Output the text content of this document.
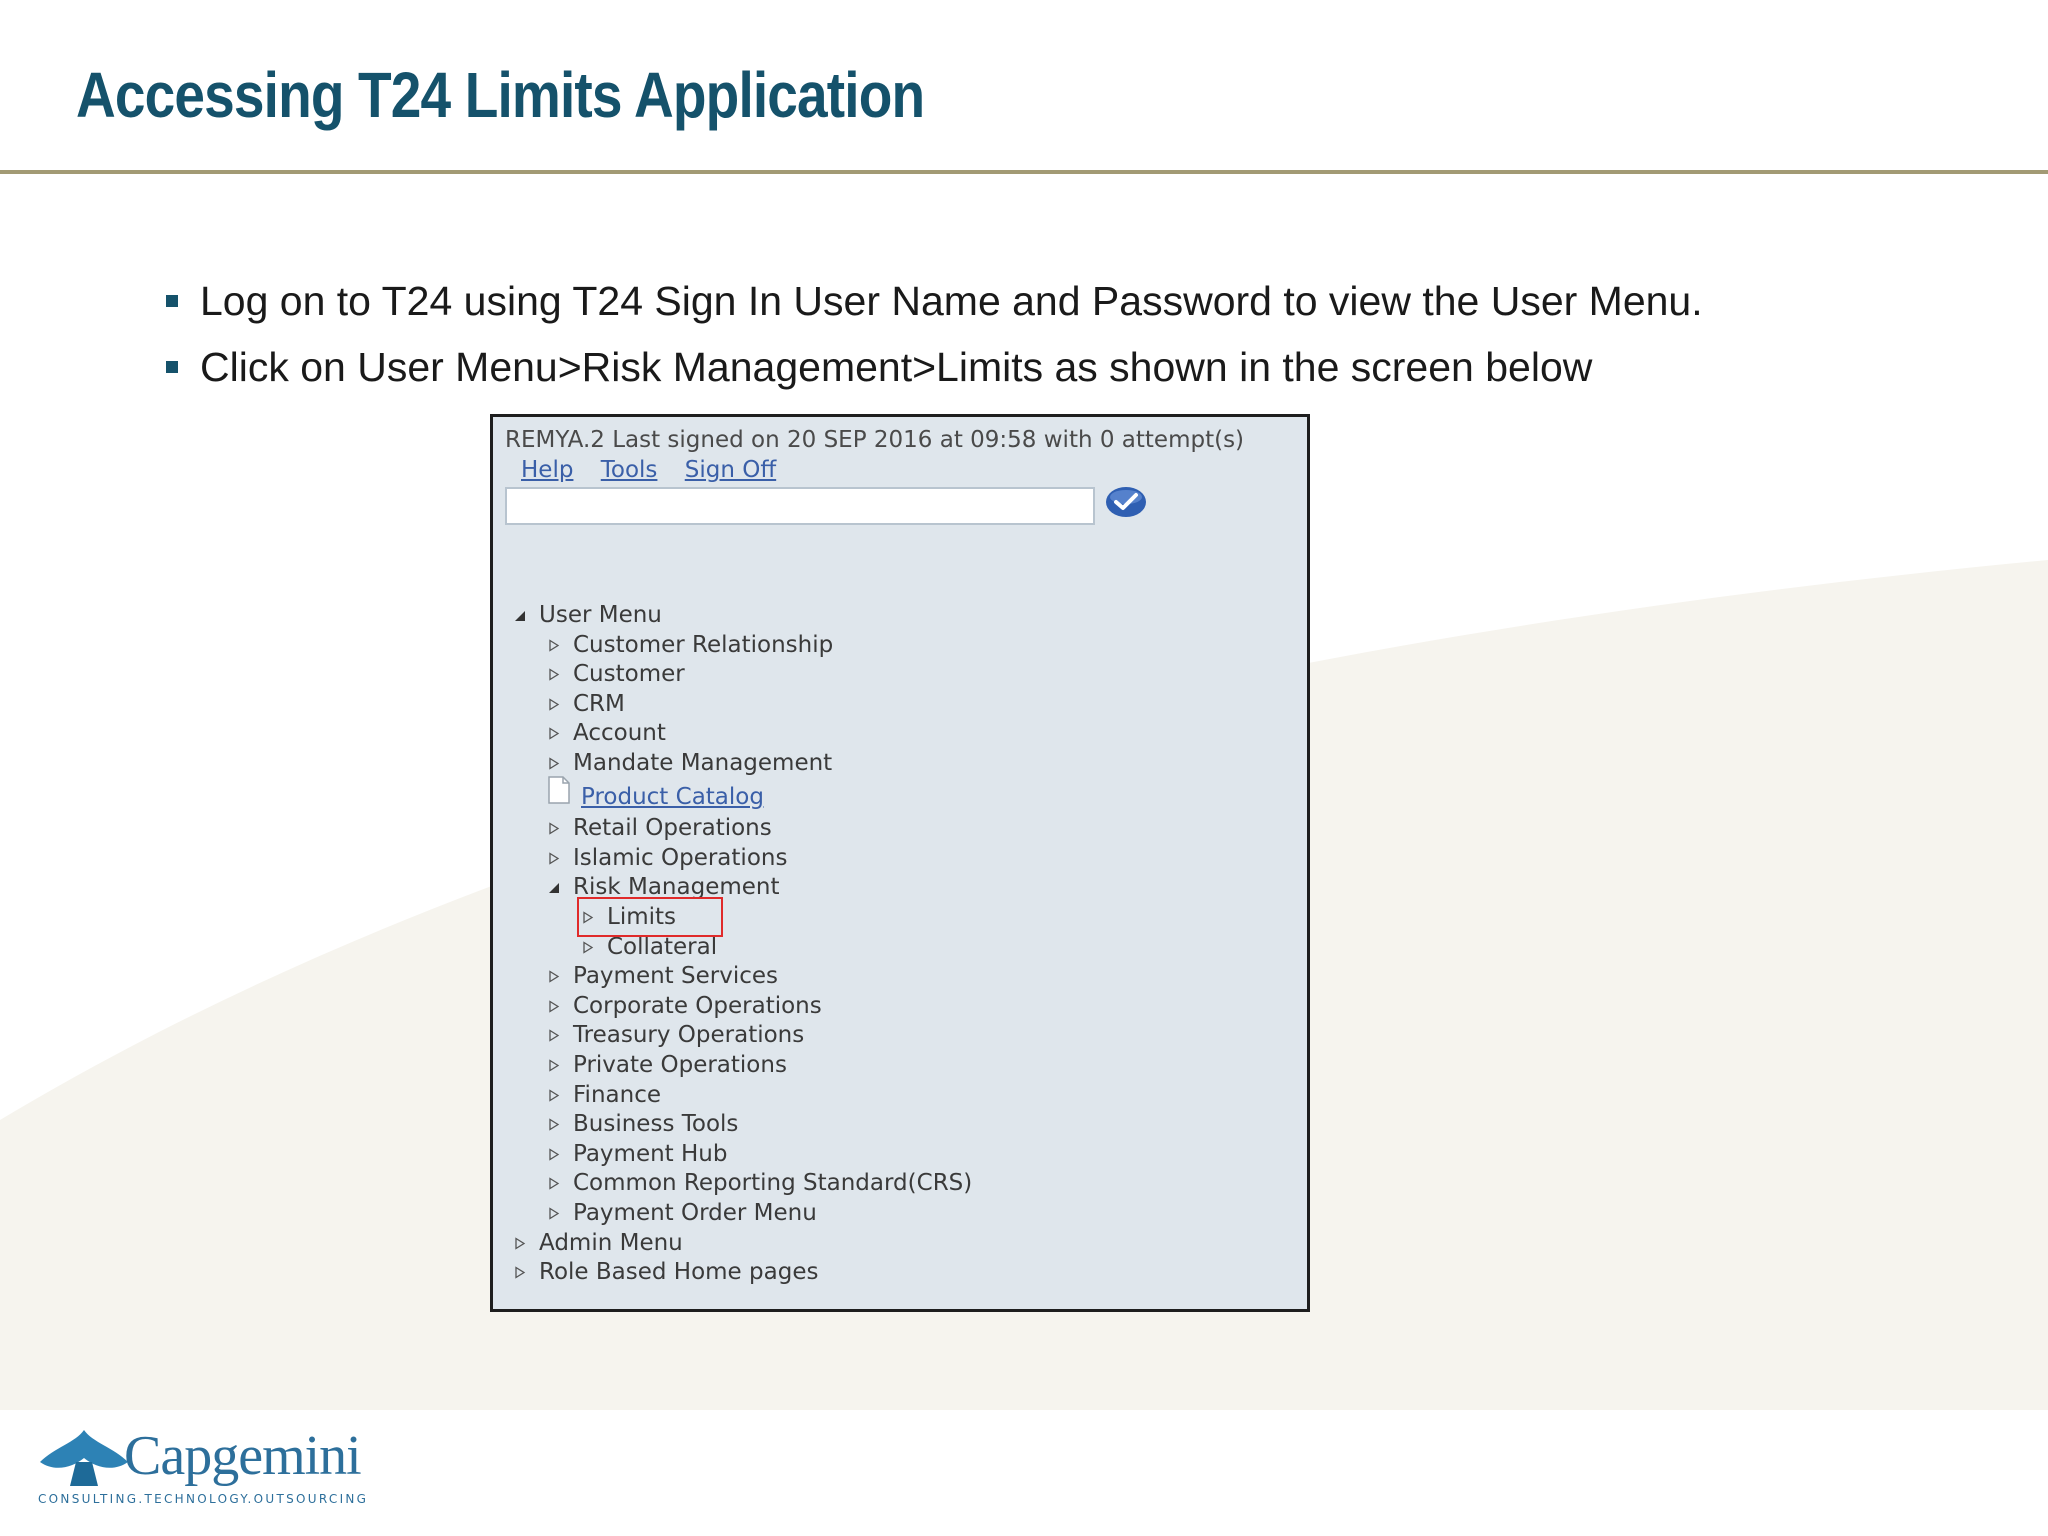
Accessing T24 Limits Application
Log on to T24 using T24 Sign In User Name and Password to view the User Menu.
Click on User Menu>Risk Management>Limits as shown in the screen below
REMYA.2 Last signed on 20 SEP 2016 at 09:58 with 0 attempt(s)
Help Tools Sign Off
User Menu
Customer Relationship
Customer
CRM
Account
Mandate Management
Product Catalog
Retail Operations
Islamic Operations
Risk Management
Limits
Collateral
Payment Services
Corporate Operations
Treasury Operations
Private Operations
Finance
Business Tools
Payment Hub
Common Reporting Standard(CRS)
Payment Order Menu
Admin Menu
Role Based Home pages
Capgemini
CONSULTING.TECHNOLOGY.OUTSOURCING
